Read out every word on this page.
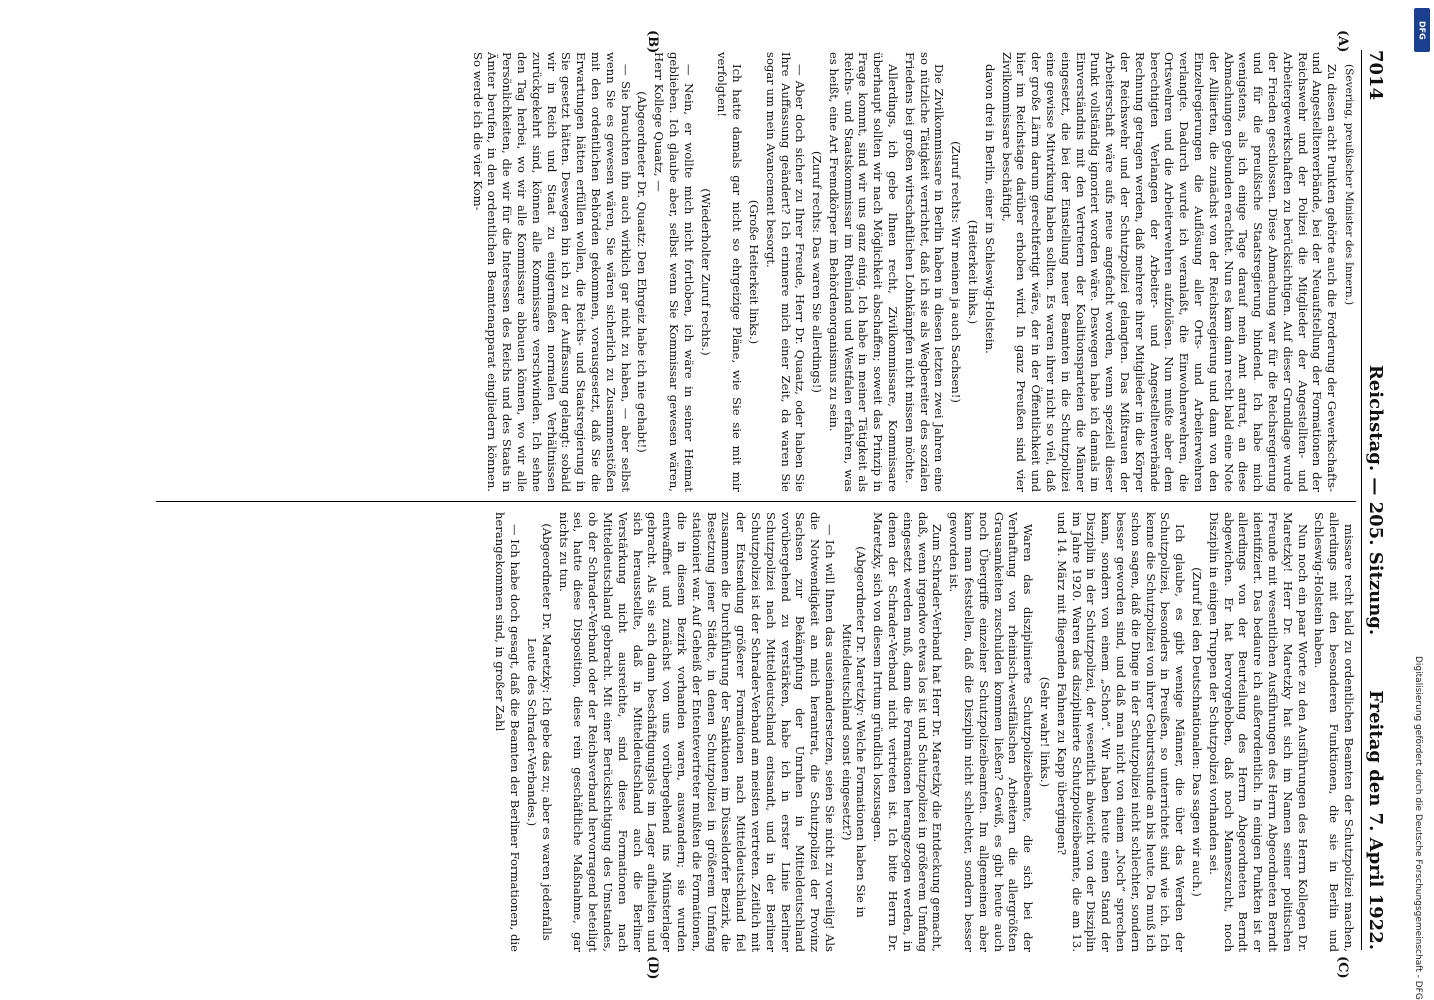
7014
Reichstag. — 205. Sitzung.
Freitag den 7. April 1922.
(A)
(B)
(C)
(D)

(Severing, preußischer Minister des Innern.)

Zu diesen acht Punkten gehörte auch die Forderung der Gewerkschafts- und Angestelltenverbände, bei der Neuaufstellung der Formationen der Reichswehr und der Polizei die Mitglieder der Angestellten- und Arbeitergewerkschaften zu berücksichtigen. Auf dieser Grundlage wurde der Frieden geschlossen. Diese Abmachung war für die Reichsregierung und für die preußische Staatsregierung bindend. Ich habe mich wenigstens, als ich einige Tage darauf mein Amt antrat, an diese Abmachungen gebunden erachtet. Nun es kam dann recht bald eine Note der Alliierten, die zunächst von der Reichsregierung und dann von den Einzelregierungen die Auflösung aller Orts- und Arbeiterwehren verlangte. Dadurch wurde ich veranlaßt, die Einwohnerwehren, die Ortswehren und die Arbeiterwehren aufzulösen. Nun mußte aber dem berechtigten Verlangen der Arbeiter- und Angestelltenverbände Rechnung getragen werden, daß mehrere ihrer Mitglieder in die Körper der Reichswehr und der Schutzpolizei gelangten. Das Mißtrauen der Arbeiterschaft wäre aufs neue angefacht worden, wenn speziell dieser Punkt vollständig ignoriert worden wäre. Deswegen habe ich damals im Einverständnis mit den Vertretern der Koalitionsparteien die Männer eingesetzt, die bei der Einstellung neuer Beamten in die Schutzpolizei eine gewisse Mitwirkung haben sollten. Es waren ihrer nicht so viel, daß der große Lärm darum gerechtfertigt wäre, der in der Öffentlichkeit und hier im Reichstage darüber erhoben wird. In ganz Preußen sind vier Zivilkommissare beschäftigt,

davon drei in Berlin, einer in Schleswig-Holstein.

(Heiterkeit links.)

(Zuruf rechts: Wir meinen ja auch Sachsen!)

Die Zivilkommissare in Berlin haben in diesen letzten zwei Jahren eine so nützliche Tätigkeit verrichtet, daß ich sie als Wegbereiter des sozialen Friedens bei großen wirtschaftlichen Lohnkämpfen nicht missen möchte.

Allerdings, ich gebe Ihnen recht, Zivilkommissare, Kommissare überhaupt sollten wir nach Möglichkeit abschaffen; soweit das Prinzip in Frage kommt, sind wir uns ganz einig. Ich habe in meiner Tätigkeit als Reichs- und Staatskommissar im Rheinland und Westfalen erfahren, was es heißt, eine Art Fremdkörper im Behördenorganismus zu sein.

(Zuruf rechts: Das waren Sie allerdings!)

— Aber doch sicher zu Ihrer Freude, Herr Dr. Quaatz, oder haben Sie Ihre Auffassung geändert? Ich erinnere mich einer Zeit, da waren Sie sogar um mein Avancement besorgt.

(Große Heiterkeit links.)

Ich hatte damals gar nicht so ehrgeizige Pläne, wie Sie sie mit mir verfolgten!

(Wiederholter Zuruf rechts.)

— Nein, er wollte mich nicht fortloben, ich wäre in seiner Heimat geblieben. Ich glaube aber, selbst wenn Sie Kommissar gewesen wären, Herr Kollege Quaatz, —

(Abgeordneter Dr. Quaatz: Den Ehrgeiz habe ich nie gehabt!)

— Sie brauchten ihn auch wirklich gar nicht zu haben, — aber selbst wenn Sie es gewesen wären, Sie wären sicherlich zu Zusammenstößen mit den ordentlichen Behörden gekommen, vorausgesetzt, daß Sie die Erwartungen hätten erfüllen wollen, die Reichs- und Staatsregierung in Sie gesetzt hätten. Deswegen bin ich zu der Auffassung gelangt: sobald wir in Reich und Staat zu einigermaßen normalen Verhältnissen zurückgekehrt sind, können alle Kommissare verschwinden. Ich sehne den Tag herbei, wo wir alle Kommissare abbauen können, wo wir alle Persönlichkeiten, die wir für die Interessen des Reichs und des Staats in Ämter berufen, in den ordentlichen Beamtenapparat eingliedern können. So werde ich die vier Kom-

missare recht bald zu ordentlichen Beamten der Schutzpolizei machen, allerdings mit den besonderen Funktionen, die sie in Berlin und Schleswig-Holstein haben.

Nun noch ein paar Worte zu den Ausführungen des Herrn Kollegen Dr. Maretzky! Herr Dr. Maretzky hat sich im Namen seiner politischen Freunde mit wesentlichen Ausführungen des Herrn Abgeordneten Berndt identifiziert. Das bedaure ich außerordentlich. In einigen Punkten ist er allerdings von der Beurteilung des Herrn Abgeordneten Berndt abgewichen. Er hat hervorgehoben, daß noch Manneszucht, noch Disziplin in einigen Truppen der Schutzpolizei vorhanden sei.

(Zuruf bei den Deutschnationalen: Das sagen wir auch.)

Ich glaube, es gibt wenige Männer, die über das Werden der Schutzpolizei, besonders in Preußen, so unterrichtet sind wie ich. Ich kenne die Schutzpolizei von ihrer Geburtsstunde an bis heute. Da muß ich schon sagen, daß die Dinge in der Schutzpolizei nicht schlechter, sondern besser geworden sind, und daß man nicht von einem „Noch“ sprechen kann, sondern von einem „Schon“. Wir haben heute einen Stand der Disziplin in der Schutzpolizei, der wesentlich abweicht von der Disziplin im Jahre 1920. Waren das disziplinierte Schutzpolizeibeamte, die am 13. und 14. März mit fliegenden Fahnen zu Kapp übergingen?

(Sehr wahr! links.)

Waren das disziplinierte Schutzpolizeibeamte, die sich bei der Verhaftung von rheinisch-westfälischen Arbeitern die allergrößten Grausamkeiten zuschulden kommen ließen? Gewiß, es gibt heute auch noch Übergriffe einzelner Schutzpolizeibeamten. Im allgemeinen aber kann man feststellen, daß die Disziplin nicht schlechter, sondern besser geworden ist.

Zum Schrader-Verband hat Herr Dr. Maretzky die Entdeckung gemacht, daß, wenn irgendwo etwas los ist und Schutzpolizei in größerem Umfang eingesetzt werden muß, dann die Formationen herangezogen werden, in denen der Schrader-Verband nicht vertreten ist. Ich bitte Herrn Dr. Maretzky, sich von diesem Irrtum gründlich loszusagen.

(Abgeordneter Dr. Maretzky: Welche Formationen haben Sie in Mitteldeutschland sonst eingesetzt?)

— Ich will Ihnen das auseinandersetzen, seien Sie nicht zu voreilig! Als die Notwendigkeit an mich herantrat, die Schutzpolizei der Provinz Sachsen zur Bekämpfung der Unruhen in Mitteldeutschland vorübergehend zu verstärken, habe ich in erster Linie Berliner Schutzpolizei nach Mitteldeutschland entsandt, und in der Berliner Schutzpolizei ist der Schrader-Verband am meisten vertreten. Zeitlich mit der Entsendung größerer Formationen nach Mitteldeutschland fiel zusammen die Durchführung der Sanktionen im Düsseldorfer Bezirk, die Besetzung jener Städte, in denen Schutzpolizei in größerem Umfang stationiert war. Auf Geheiß der Ententevertreter mußten die Formationen, die in diesem Bezirk vorhanden waren, auswandern; sie wurden entwaffnet und zunächst von uns vorübergehend ins Münsterlager gebracht. Als sie sich dann beschäftigungslos im Lager aufhielten und sich herausstellte, daß in Mitteldeutschland auch die Berliner Verstärkung nicht ausreichte, sind diese Formationen nach Mitteldeutschland gebracht. Mit einer Berücksichtigung des Umstandes, ob der Schrader-Verband oder der Reichsverband hervorragend beteiligt sei, hatte diese Disposition, diese rein geschäftliche Maßnahme, gar nichts zu tun.

(Abgeordneter Dr. Maretzky: Ich gebe das zu; aber es waren jedenfalls Leute des Schrader-Verbandes.)

— Ich habe doch gesagt, daß die Beamten der Berliner Formationen, die herangekommen sind, in großer Zahl

DFG
Digitalisierung gefördert durch die Deutsche Forschungsgemeinschaft - DFG
